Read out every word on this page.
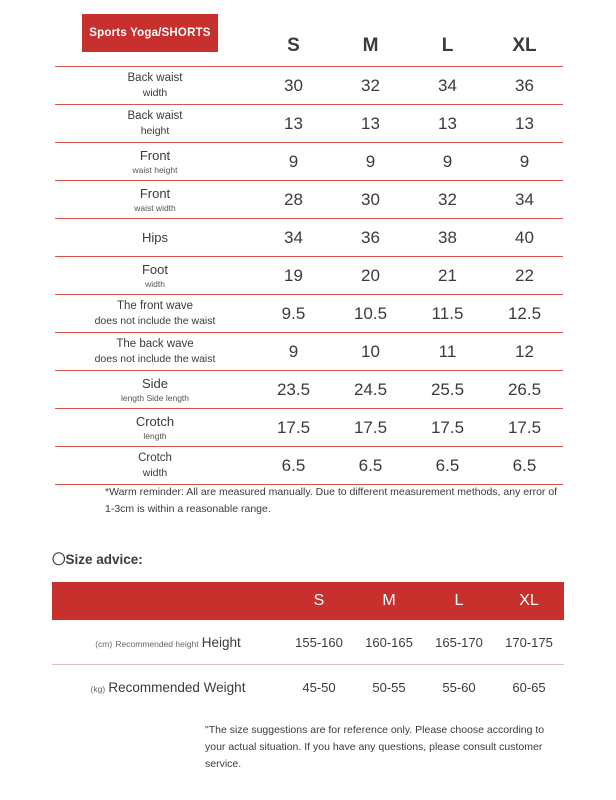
Sports Yoga/SHORTS
	S	M	L	XL

Back waist
width	30	32	34	36

Back waist
height	13	13	13	13

Front
waist height	9	9	9	9

Front
waist width	28	30	32	34

Hips	34	36	38	40

Foot
width	19	20	21	22

The front wave
does not include the waist	9.5	10.5	11.5	12.5

The back wave
does not include the waist	9	10	11	12

Side
length Side length	23.5	24.5	25.5	26.5

Crotch
length	17.5	17.5	17.5	17.5

Crotch
width	6.5	6.5	6.5	6.5
*Warm reminder: All are measured manually. Due to different measurement methods, any error of 1-3cm is within a reasonable range.
〇Size advice:
	S	M	L	XL
(cm) Recommended height Height	155-160	160-165	165-170	170-175
(kg) Recommended Weight	45-50	50-55	55-60	60-65
"The size suggestions are for reference only. Please choose according to your actual situation. If you have any questions, please consult customer service.
